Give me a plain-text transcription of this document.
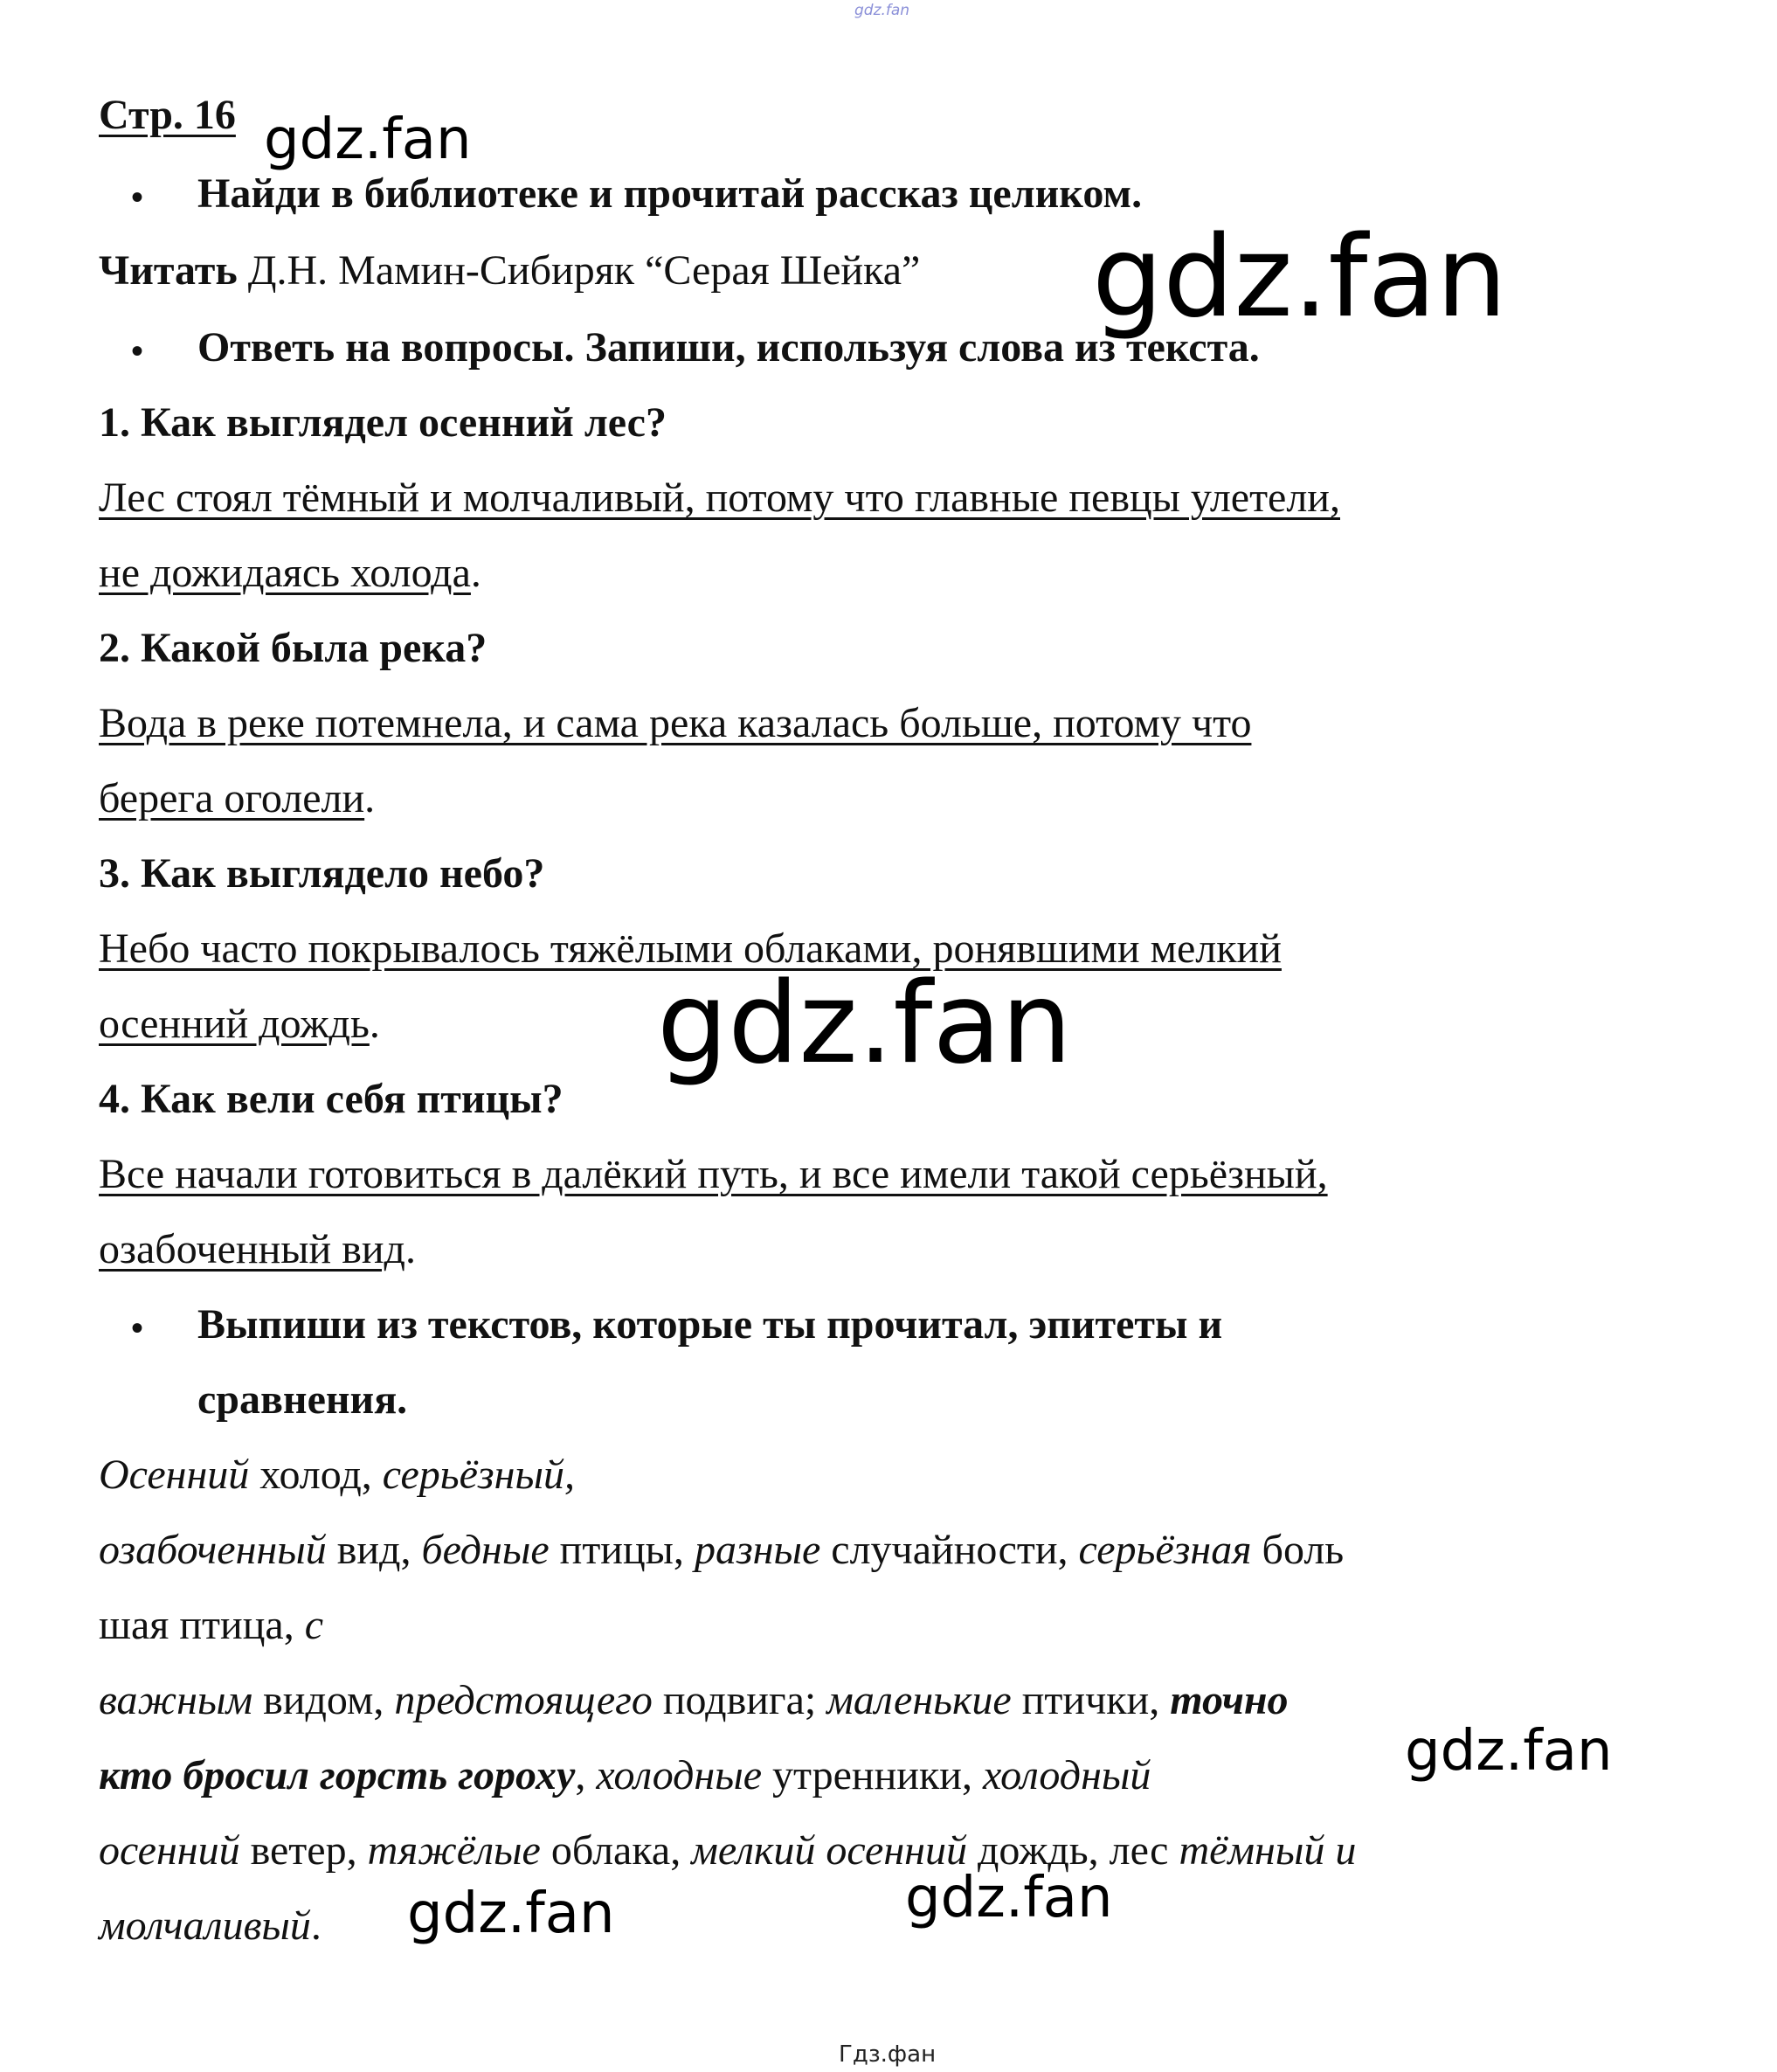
gdz.fan
Стр. 16
• Найди в библиотеке и прочитай рассказ целиком.
Читать Д.Н. Мамин-Сибиряк “Серая Шейка”
• Ответь на вопросы. Запиши, используя слова из текста.
1. Как выглядел осенний лес?
Лес стоял тёмный и молчаливый, потому что главные певцы улетели,
не дожидаясь холода.
2. Какой была река?
Вода в реке потемнела, и сама река казалась больше, потому что
берега оголели.
3. Как выглядело небо?
Небо часто покрывалось тяжёлыми облаками, ронявшими мелкий
осенний дождь.
4. Как вели себя птицы?
Все начали готовиться в далёкий путь, и все имели такой серьёзный,
озабоченный вид.
• Выпиши из текстов, которые ты прочитал, эпитеты и
сравнения.
Осенний холод, серьёзный,
озабоченный вид, бедные птицы, разные случайности, серьёзная боль
шая птица, с
важным видом, предстоящего подвига; маленькие птички, точно
кто бросил горсть гороху, холодные утренники, холодный
осенний ветер, тяжёлые облака, мелкий осенний дождь, лес тёмный и
молчаливый.
gdz.fan
gdz.fan
gdz.fan
gdz.fan
gdz.fan	gdz.fan
Гдз.фан
